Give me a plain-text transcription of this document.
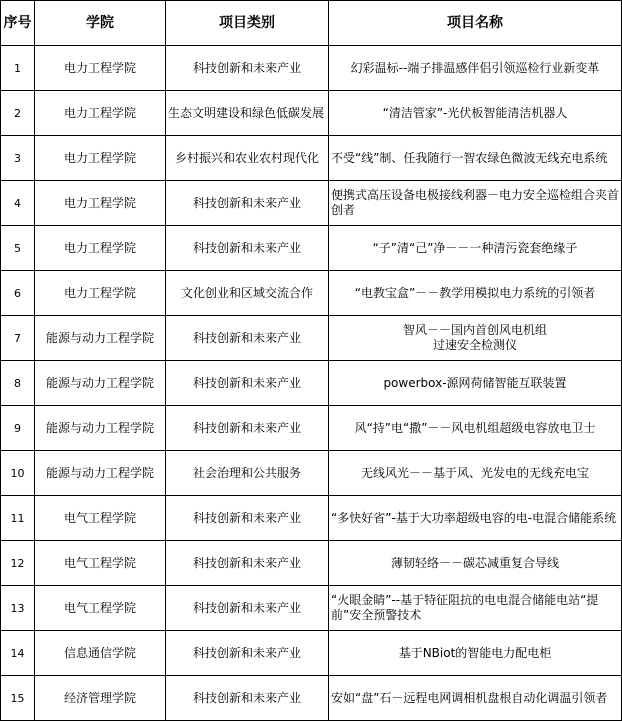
序号	学院	项目类别	项目名称
1	电力工程学院	科技创新和未来产业	幻彩温标--端子排温感伴侣引领巡检行业新变革
2	电力工程学院	生态文明建设和绿色低碳发展	“清洁管家”-光伏板智能清洁机器人
3	电力工程学院	乡村振兴和农业农村现代化	不受“线”制、任我随行一智农绿色微波无线充电系统
4	电力工程学院	科技创新和未来产业	便携式高压设备电极接线利器－电力安全巡检组合夹首创者
5	电力工程学院	科技创新和未来产业	“子”清“己”净－－一种清污瓷套绝缘子
6	电力工程学院	文化创业和区域交流合作	“电教宝盒”－－教学用模拟电力系统的引领者
7	能源与动力工程学院	科技创新和未来产业	智风－－国内首创风电机组
过速安全检测仪
8	能源与动力工程学院	科技创新和未来产业	powerbox-源网荷储智能互联装置
9	能源与动力工程学院	科技创新和未来产业	风“持”电“撒”－－风电机组超级电容放电卫士
10	能源与动力工程学院	社会治理和公共服务	无线风光－－基于风、光发电的无线充电宝
11	电气工程学院	科技创新和未来产业	“多快好省”-基于大功率超级电容的电-电混合储能系统
12	电气工程学院	科技创新和未来产业	薄韧轻络－－碳芯减重复合导线
13	电气工程学院	科技创新和未来产业	“火眼金睛”--基于特征阻抗的电电混合储能电站“提前”安全预警技术
14	信息通信学院	科技创新和未来产业	基于NBiot的智能电力配电柜
15	经济管理学院	科技创新和未来产业	安如“盘”石－远程电网调相机盘根自动化调温引领者
